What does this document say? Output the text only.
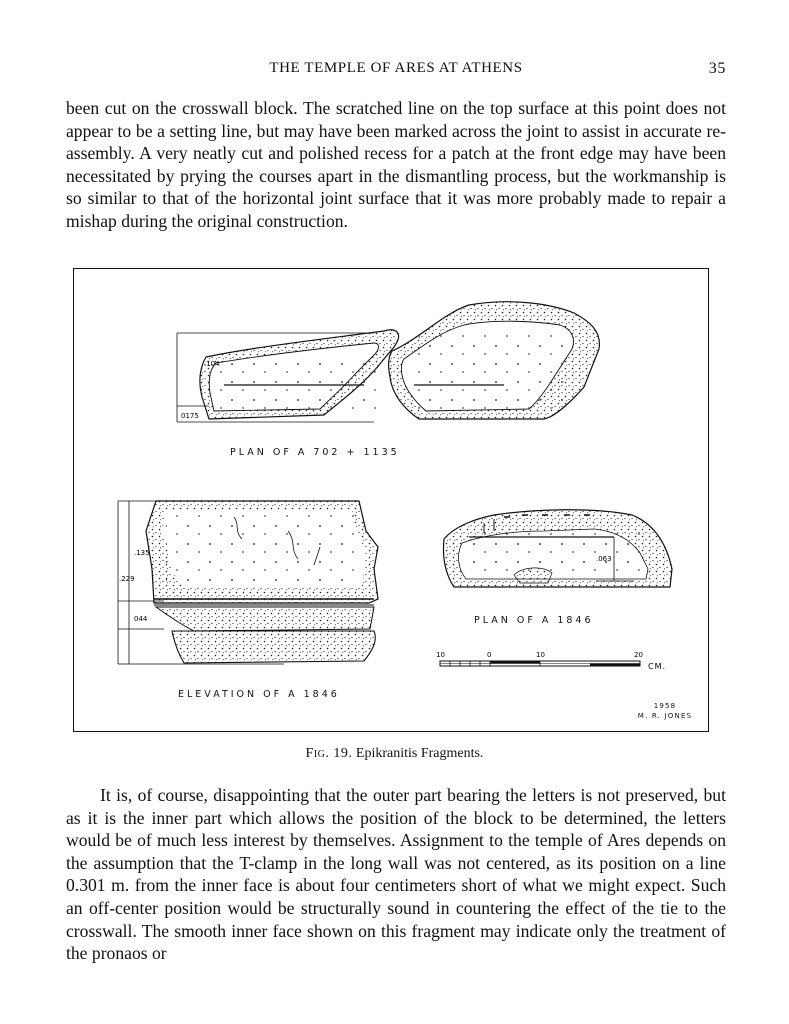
THE TEMPLE OF ARES AT ATHENS	35

been cut on the crosswall block. The scratched line on the top surface at this point does not appear to be a setting line, but may have been marked across the joint to assist in accurate re-assembly. A very neatly cut and polished recess for a patch at the front edge may have been necessitated by prying the courses apart in the dismantling process, but the workmanship is so similar to that of the horizontal joint surface that it was more probably made to repair a mishap during the original construction.

.104
0175
.135
.229
044
.063
10	0	10	20
CM.
PLAN OF A 702 + 1135
ELEVATION OF A 1846
PLAN OF A 1846
1958
M. R. JONES
Fig. 19. Epikranitis Fragments.

It is, of course, disappointing that the outer part bearing the letters is not preserved, but as it is the inner part which allows the position of the block to be determined, the letters would be of much less interest by themselves. Assignment to the temple of Ares depends on the assumption that the T-clamp in the long wall was not centered, as its position on a line 0.301 m. from the inner face is about four centimeters short of what we might expect. Such an off-center position would be structurally sound in countering the effect of the tie to the crosswall. The smooth inner face shown on this fragment may indicate only the treatment of the pronaos or
